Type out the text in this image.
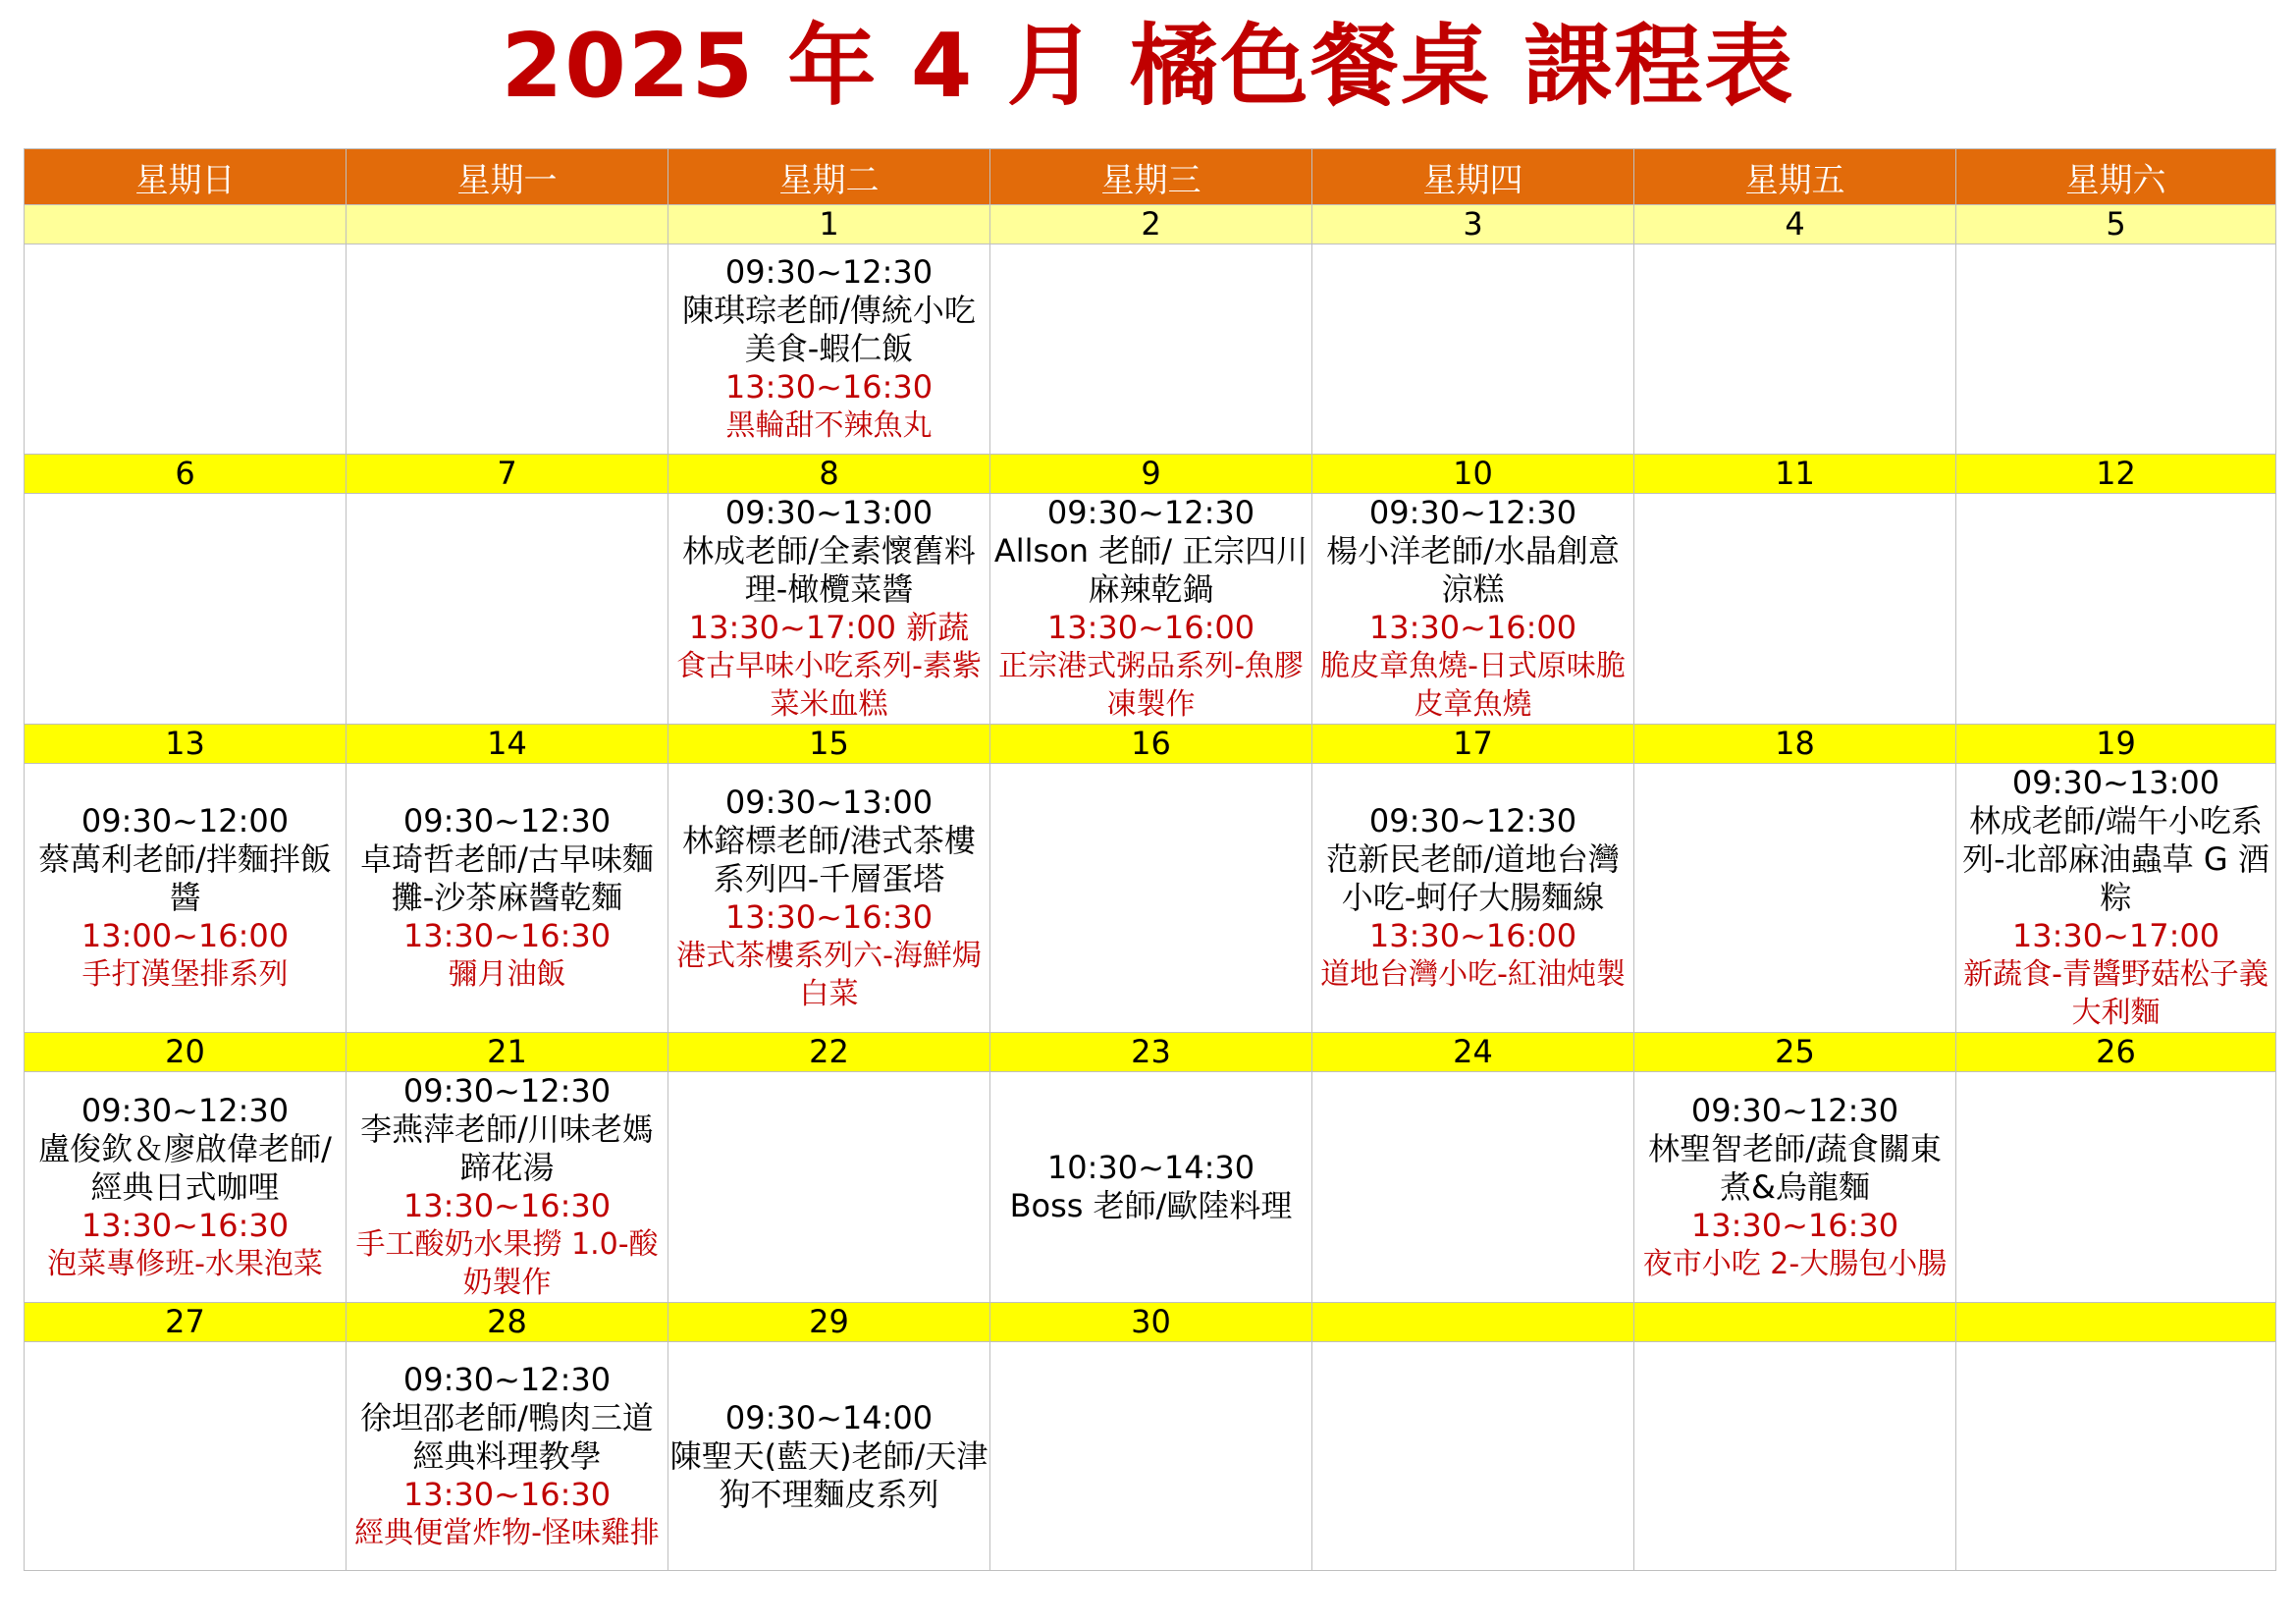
2025 年 4 月 橘色餐桌 課程表
星期日	星期一	星期二	星期三	星期四	星期五	星期六
		1	2	3	4	5

		09:30~12:30
陳琪琮老師/傳統小吃美食-蝦仁飯
13:30~16:30
黑輪甜不辣魚丸				

6	7	8	9	10	11	12

		09:30~13:00
林成老師/全素懷舊料理-橄欖菜醬
13:30~17:00 新蔬
食古早味小吃系列-素紫菜米血糕	09:30~12:30
Allson 老師/ 正宗四川麻辣乾鍋
13:30~16:00
正宗港式粥品系列-魚膠凍製作	09:30~12:30
楊小洋老師/水晶創意涼糕
13:30~16:00
脆皮章魚燒-日式原味脆皮章魚燒		

13	14	15	16	17	18	19

09:30~12:00
蔡萬利老師/拌麵拌飯醬
13:00~16:00
手打漢堡排系列	09:30~12:30
卓琦哲老師/古早味麵攤-沙茶麻醬乾麵
13:30~16:30
彌月油飯	09:30~13:00
林鎔標老師/港式茶樓系列四-千層蛋塔
13:30~16:30
港式茶樓系列六-海鮮焗白菜		09:30~12:30
范新民老師/道地台灣小吃-蚵仔大腸麵線
13:30~16:00
道地台灣小吃-紅油炖製		09:30~13:00
林成老師/端午小吃系列-北部麻油蟲草 G 酒粽
13:30~17:00
新蔬食-青醬野菇松子義大利麵

20	21	22	23	24	25	26

09:30~12:30
盧俊欽＆廖啟偉老師/經典日式咖哩
13:30~16:30
泡菜專修班-水果泡菜	09:30~12:30
李燕萍老師/川味老媽蹄花湯
13:30~16:30
手工酸奶水果撈 1.0-酸奶製作		10:30~14:30
Boss 老師/歐陸料理		09:30~12:30
林聖智老師/蔬食關東煮&烏龍麵
13:30~16:30
夜市小吃 2-大腸包小腸	

27	28	29	30			

	09:30~12:30
徐坦邵老師/鴨肉三道經典料理教學
13:30~16:30
經典便當炸物-怪味雞排	09:30~14:00
陳聖天(藍天)老師/天津狗不理麵皮系列				
